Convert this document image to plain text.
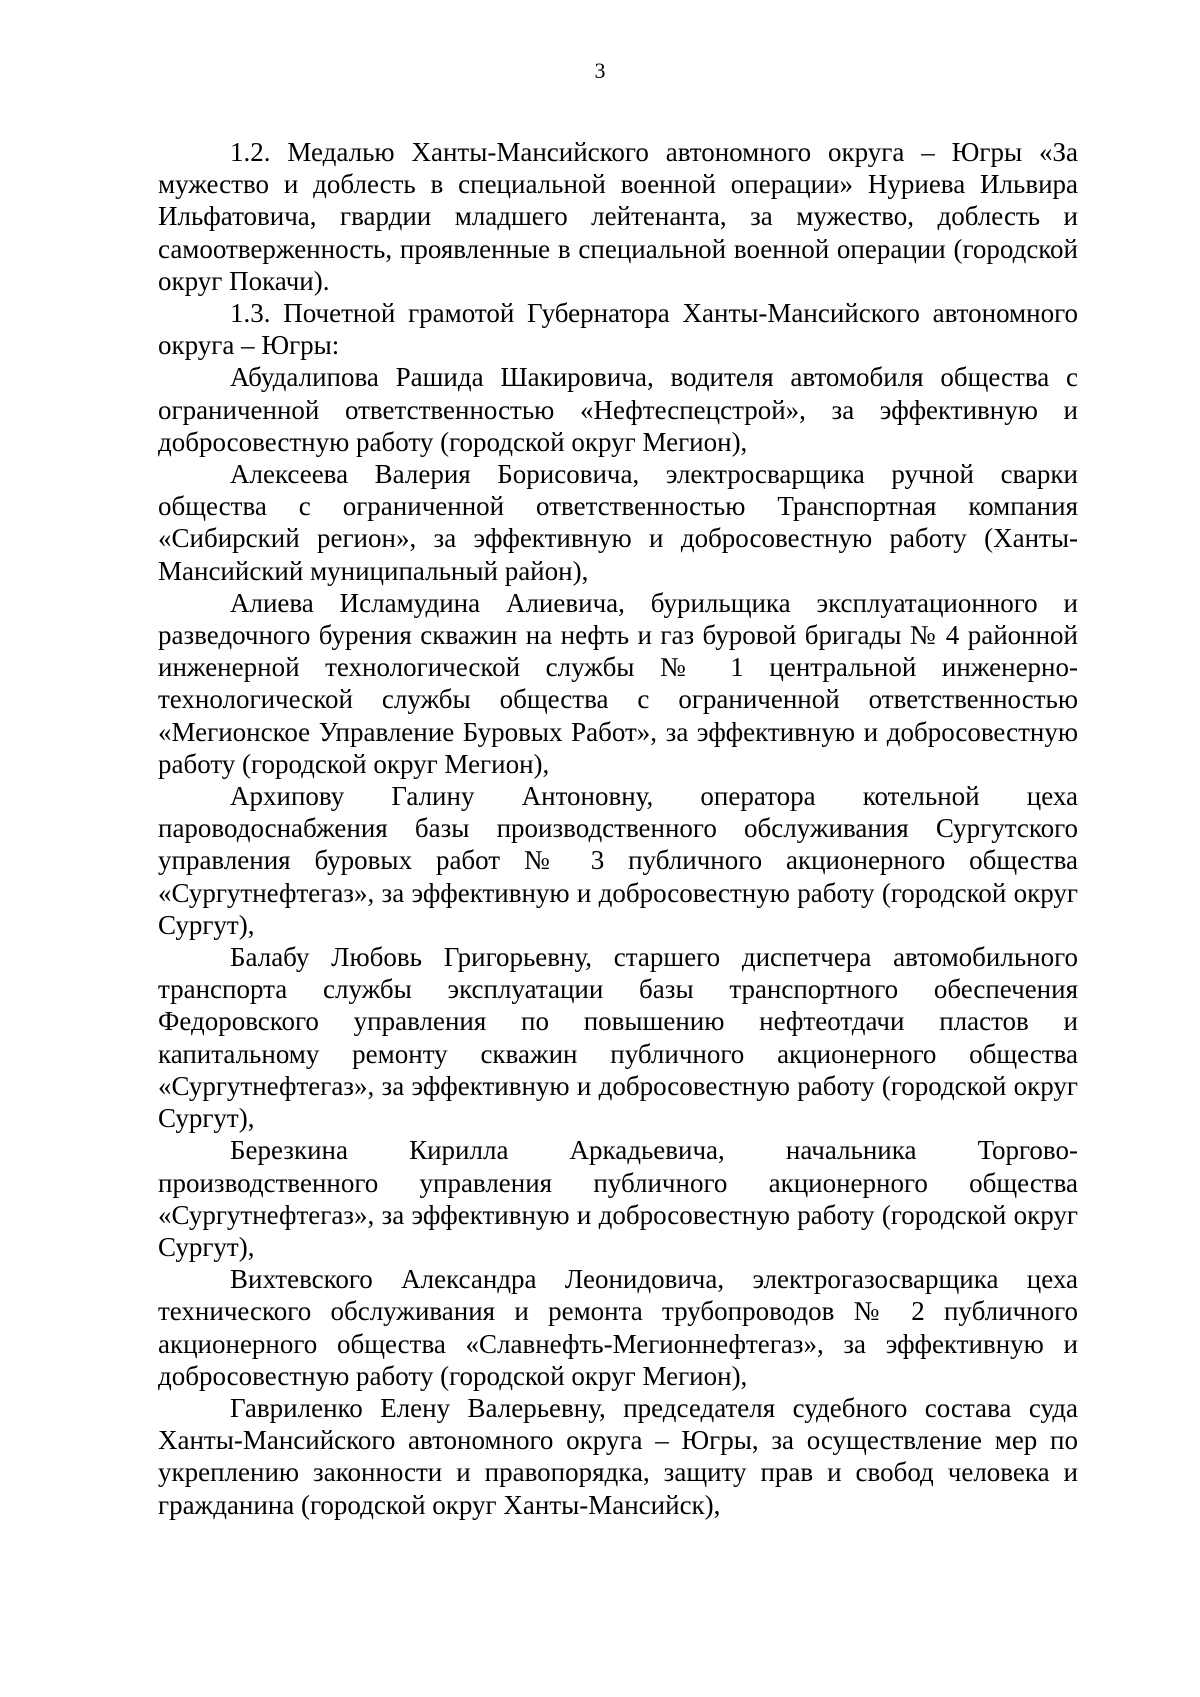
3

1.2. Медалью Ханты-Мансийского автономного округа – Югры «За мужество и доблесть в специальной военной операции» Нуриева Ильвира Ильфатовича, гвардии младшего лейтенанта, за мужество, доблесть и самоотверженность, проявленные в специальной военной операции (городской округ Покачи).

1.3. Почетной грамотой Губернатора Ханты-Мансийского автономного округа – Югры:

Абудалипова Рашида Шакировича, водителя автомобиля общества с ограниченной ответственностью «Нефтеспецстрой», за эффективную и добросовестную работу (городской округ Мегион),

Алексеева Валерия Борисовича, электросварщика ручной сварки общества с ограниченной ответственностью Транспортная компания «Сибирский регион», за эффективную и добросовестную работу (Ханты-Мансийский муниципальный район),

Алиева Исламудина Алиевича, бурильщика эксплуатационного и разведочного бурения скважин на нефть и газ буровой бригады № 4 районной инженерной технологической службы № 1 центральной инженерно-технологической службы общества с ограниченной ответственностью «Мегионское Управление Буровых Работ», за эффективную и добросовестную работу (городской округ Мегион),

Архипову Галину Антоновну, оператора котельной цеха пароводоснабжения базы производственного обслуживания Сургутского управления буровых работ № 3 публичного акционерного общества «Сургутнефтегаз», за эффективную и добросовестную работу (городской округ Сургут),

Балабу Любовь Григорьевну, старшего диспетчера автомобильного транспорта службы эксплуатации базы транспортного обеспечения Федоровского управления по повышению нефтеотдачи пластов и капитальному ремонту скважин публичного акционерного общества «Сургутнефтегаз», за эффективную и добросовестную работу (городской округ Сургут),

Березкина Кирилла Аркадьевича, начальника Торгово-производственного управления публичного акционерного общества «Сургутнефтегаз», за эффективную и добросовестную работу (городской округ Сургут),

Вихтевского Александра Леонидовича, электрогазосварщика цеха технического обслуживания и ремонта трубопроводов № 2 публичного акционерного общества «Славнефть-Мегионнефтегаз», за эффективную и добросовестную работу (городской округ Мегион),

Гавриленко Елену Валерьевну, председателя судебного состава суда Ханты-Мансийского автономного округа – Югры, за осуществление мер по укреплению законности и правопорядка, защиту прав и свобод человека и гражданина (городской округ Ханты-Мансийск),
